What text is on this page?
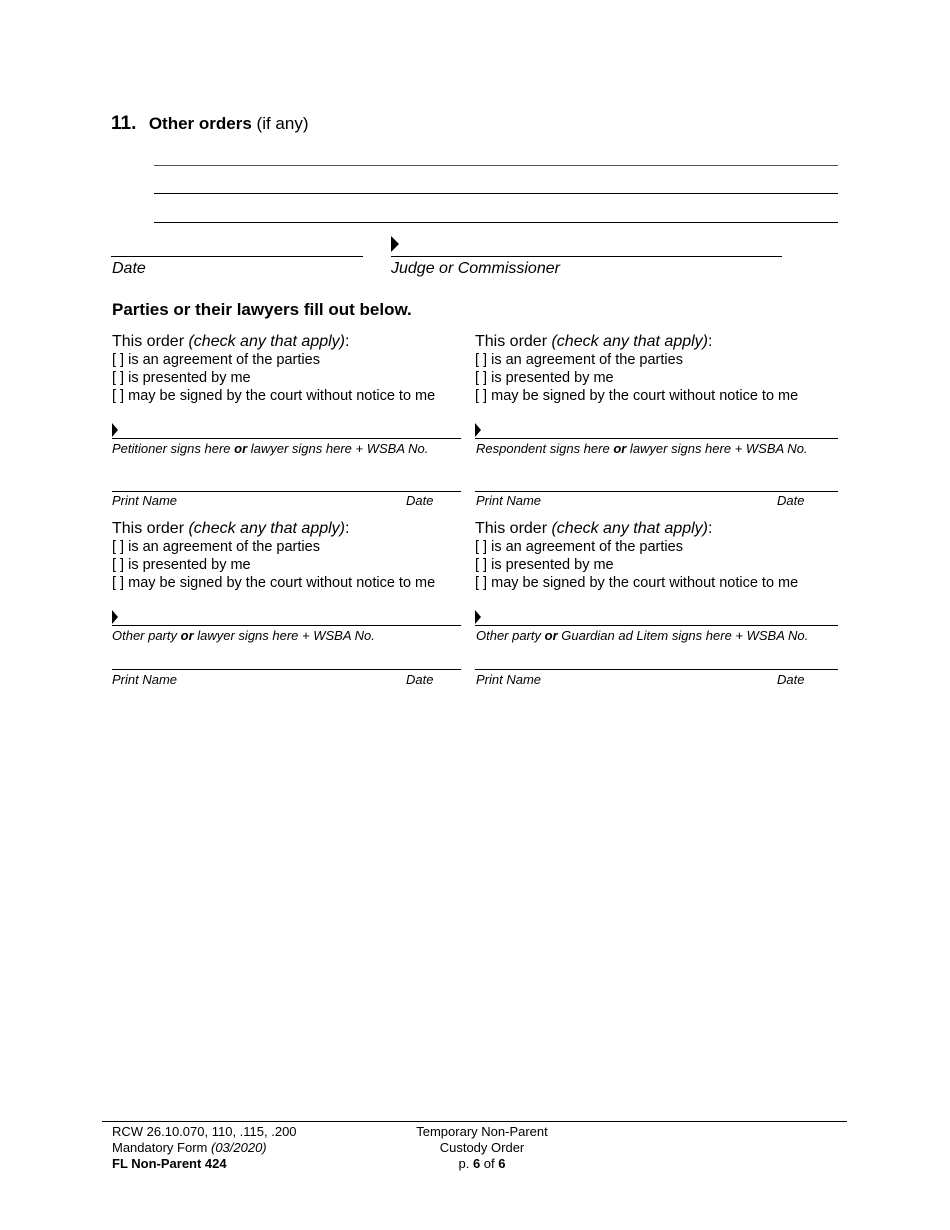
11. Other orders (if any)
Date	Judge or Commissioner
Parties or their lawyers fill out below.
This order (check any that apply):
[ ] is an agreement of the parties
[ ] is presented by me
[ ] may be signed by the court without notice to me
Petitioner signs here or lawyer signs here + WSBA No.
Print Name	Date
This order (check any that apply):
[ ] is an agreement of the parties
[ ] is presented by me
[ ] may be signed by the court without notice to me
Respondent signs here or lawyer signs here + WSBA No.
Print Name	Date
This order (check any that apply):
[ ] is an agreement of the parties
[ ] is presented by me
[ ] may be signed by the court without notice to me
Other party or lawyer signs here + WSBA No.
Print Name	Date
This order (check any that apply):
[ ] is an agreement of the parties
[ ] is presented by me
[ ] may be signed by the court without notice to me
Other party or Guardian ad Litem signs here + WSBA No.
Print Name	Date
RCW 26.10.070, 110, .115, .200
Mandatory Form (03/2020)
FL Non-Parent 424
Temporary Non-Parent
Custody Order
p. 6 of 6
